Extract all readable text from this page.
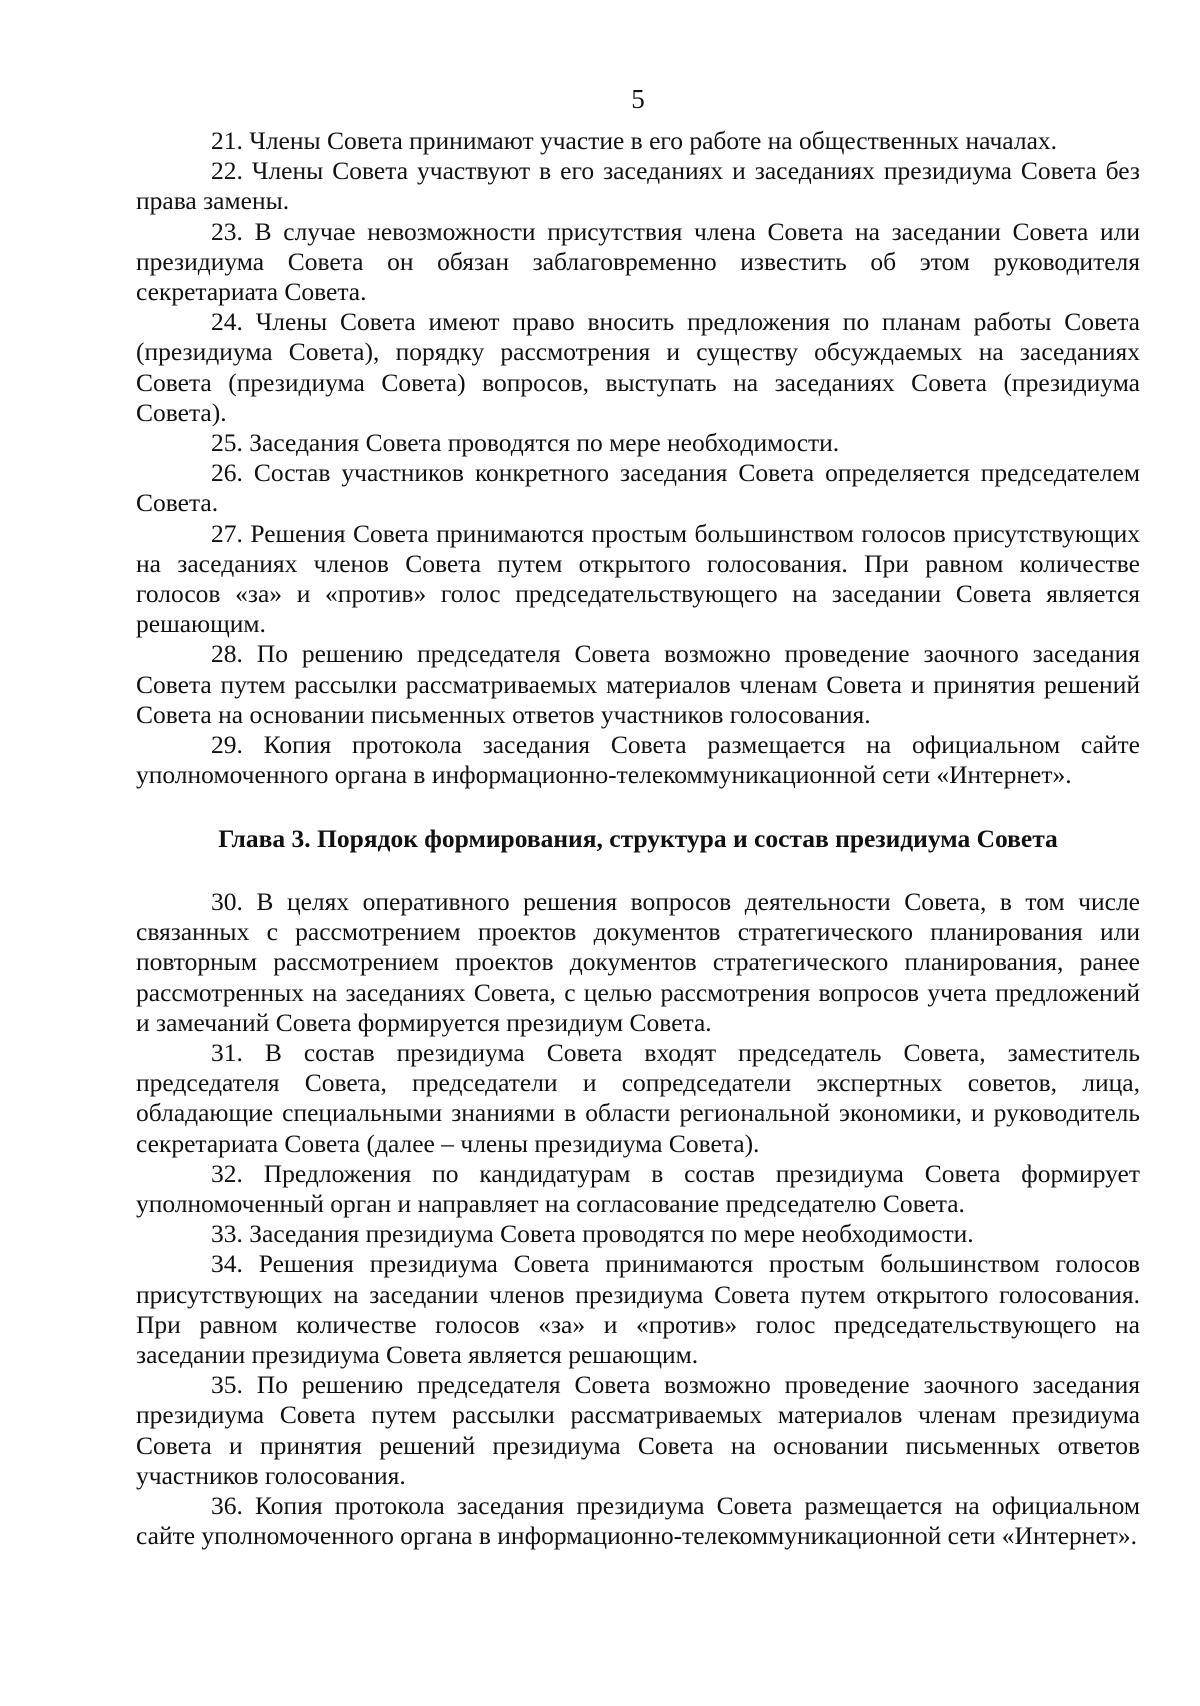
5

21. Члены Совета принимают участие в его работе на общественных началах.

22. Члены Совета участвуют в его заседаниях и заседаниях президиума Совета без права замены.

23. В случае невозможности присутствия члена Совета на заседании Совета или президиума Совета он обязан заблаговременно известить об этом руководителя секретариата Совета.

24. Члены Совета имеют право вносить предложения по планам работы Совета (президиума Совета), порядку рассмотрения и существу обсуждаемых на заседаниях Совета (президиума Совета) вопросов, выступать на заседаниях Совета (президиума Совета).

25. Заседания Совета проводятся по мере необходимости.

26. Состав участников конкретного заседания Совета определяется председателем Совета.

27. Решения Совета принимаются простым большинством голосов присутствующих на заседаниях членов Совета путем открытого голосования. При равном количестве голосов «за» и «против» голос председательствующего на заседании Совета является решающим.

28. По решению председателя Совета возможно проведение заочного заседания Совета путем рассылки рассматриваемых материалов членам Совета и принятия решений Совета на основании письменных ответов участников голосования.

29. Копия протокола заседания Совета размещается на официальном сайте уполномоченного органа в информационно-телекоммуникационной сети «Интернет».

Глава 3. Порядок формирования, структура и состав президиума Совета

30. В целях оперативного решения вопросов деятельности Совета, в том числе связанных с рассмотрением проектов документов стратегического планирования или повторным рассмотрением проектов документов стратегического планирования, ранее рассмотренных на заседаниях Совета, с целью рассмотрения вопросов учета предложений и замечаний Совета формируется президиум Совета.

31. В состав президиума Совета входят председатель Совета, заместитель председателя Совета, председатели и сопредседатели экспертных советов, лица, обладающие специальными знаниями в области региональной экономики, и руководитель секретариата Совета (далее – члены президиума Совета).

32. Предложения по кандидатурам в состав президиума Совета формирует уполномоченный орган и направляет на согласование председателю Совета.

33. Заседания президиума Совета проводятся по мере необходимости.

34. Решения президиума Совета принимаются простым большинством голосов присутствующих на заседании членов президиума Совета путем открытого голосования. При равном количестве голосов «за» и «против» голос председательствующего на заседании президиума Совета является решающим.

35. По решению председателя Совета возможно проведение заочного заседания президиума Совета путем рассылки рассматриваемых материалов членам президиума Совета и принятия решений президиума Совета на основании письменных ответов участников голосования.

36. Копия протокола заседания президиума Совета размещается на официальном сайте уполномоченного органа в информационно-телекоммуникационной сети «Интернет».
